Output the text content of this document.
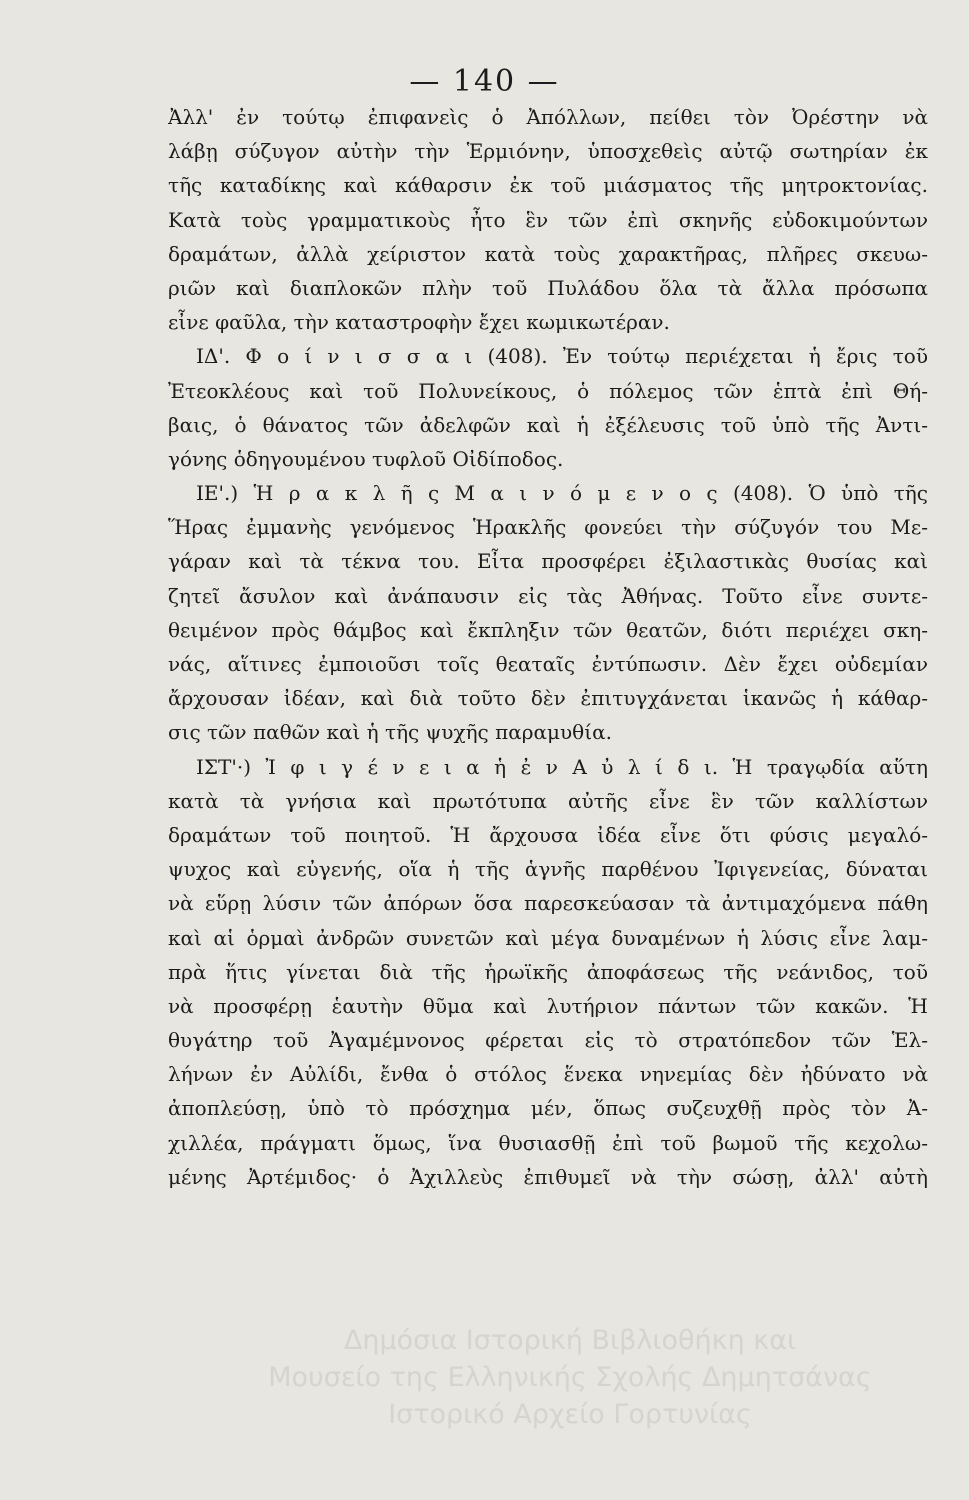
— 140 —
Ἀλλ' ἐν τούτῳ ἐπιφανεὶς ὁ Ἀπόλλων, πείθει τὸν Ὀρέστην νὰ
λάβῃ σύζυγον αὐτὴν τὴν Ἑρμιόνην, ὑποσχεθεὶς αὐτῷ σωτηρίαν ἐκ
τῆς καταδίκης καὶ κάθαρσιν ἐκ τοῦ μιάσματος τῆς μητροκτονίας.
Κατὰ τοὺς γραμματικοὺς ἦτο ἓν τῶν ἐπὶ σκηνῆς εὐδοκιμούντων
δραμάτων, ἀλλὰ χείριστον κατὰ τοὺς χαρακτῆρας, πλῆρες σκευω-
ριῶν καὶ διαπλοκῶν πλὴν τοῦ Πυλάδου ὅλα τὰ ἄλλα πρόσωπα
εἶνε φαῦλα, τὴν καταστροφὴν ἔχει κωμικωτέραν.
ΙΔ'. Φ ο ί ν ι σ σ α ι (408). Ἐν τούτῳ περιέχεται ἡ ἔρις τοῦ
Ἐτεοκλέους καὶ τοῦ Πολυνείκους, ὁ πόλεμος τῶν ἑπτὰ ἐπὶ Θή-
βαις, ὁ θάνατος τῶν ἀδελφῶν καὶ ἡ ἐξέλευσις τοῦ ὑπὸ τῆς Ἀντι-
γόνης ὁδηγουμένου τυφλοῦ Οἰδίποδος.
ΙΕ'.) Ἡ ρ α κ λ ῆ ς Μ α ι ν ό μ ε ν ο ς (408). Ὁ ὑπὸ τῆς
Ἥρας ἐμμανὴς γενόμενος Ἡρακλῆς φονεύει τὴν σύζυγόν του Με-
γάραν καὶ τὰ τέκνα του. Εἶτα προσφέρει ἐξιλαστικὰς θυσίας καὶ
ζητεῖ ἄσυλον καὶ ἀνάπαυσιν εἰς τὰς Ἀθήνας. Τοῦτο εἶνε συντε-
θειμένον πρὸς θάμβος καὶ ἔκπληξιν τῶν θεατῶν, διότι περιέχει σκη-
νάς, αἵτινες ἐμποιοῦσι τοῖς θεαταῖς ἐντύπωσιν. Δὲν ἔχει οὐδεμίαν
ἄρχουσαν ἰδέαν, καὶ διὰ τοῦτο δὲν ἐπιτυγχάνεται ἱκανῶς ἡ κάθαρ-
σις τῶν παθῶν καὶ ἡ τῆς ψυχῆς παραμυθία.
ΙΣΤ'·) Ἰ φ ι γ έ ν ε ι α ἡ ἐ ν Α ὐ λ ί δ ι. Ἡ τραγῳδία αὕτη
κατὰ τὰ γνήσια καὶ πρωτότυπα αὐτῆς εἶνε ἓν τῶν καλλίστων
δραμάτων τοῦ ποιητοῦ. Ἡ ἄρχουσα ἰδέα εἶνε ὅτι φύσις μεγαλό-
ψυχος καὶ εὐγενής, οἵα ἡ τῆς ἁγνῆς παρθένου Ἰφιγενείας, δύναται
νὰ εὕρῃ λύσιν τῶν ἀπόρων ὅσα παρεσκεύασαν τὰ ἀντιμαχόμενα πάθη
καὶ αἱ ὁρμαὶ ἀνδρῶν συνετῶν καὶ μέγα δυναμένων ἡ λύσις εἶνε λαμ-
πρὰ ἥτις γίνεται διὰ τῆς ἡρωϊκῆς ἀποφάσεως τῆς νεάνιδος, τοῦ
νὰ προσφέρῃ ἑαυτὴν θῦμα καὶ λυτήριον πάντων τῶν κακῶν. Ἡ
θυγάτηρ τοῦ Ἀγαμέμνονος φέρεται εἰς τὸ στρατόπεδον τῶν Ἑλ-
λήνων ἐν Αὐλίδι, ἔνθα ὁ στόλος ἕνεκα νηνεμίας δὲν ἠδύνατο νὰ
ἀποπλεύσῃ, ὑπὸ τὸ πρόσχημα μέν, ὅπως συζευχθῇ πρὸς τὸν Ἀ-
χιλλέα, πράγματι ὅμως, ἵνα θυσιασθῇ ἐπὶ τοῦ βωμοῦ τῆς κεχολω-
μένης Ἀρτέμιδος· ὁ Ἀχιλλεὺς ἐπιθυμεῖ νὰ τὴν σώσῃ, ἀλλ' αὐτὴ
Δημόσια Ιστορική Βιβλιοθήκη και
Μουσείο της Ελληνικής Σχολής Δημητσάνας
Ιστορικό Αρχείο Γορτυνίας
